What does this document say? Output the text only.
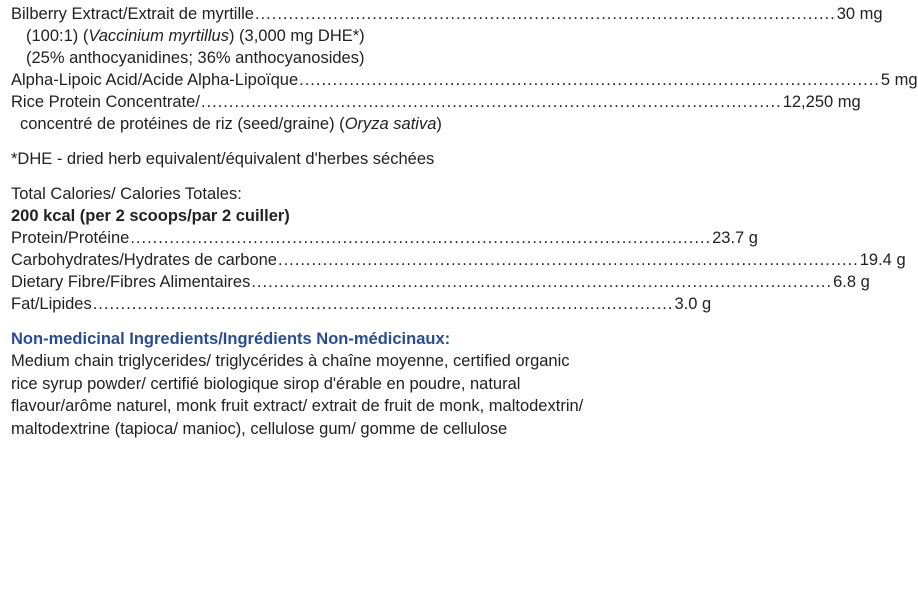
Bilberry Extract/Extrait de myrtille ........................................................................................................ 30 mg
(100:1) (Vaccinium myrtillus) (3,000 mg DHE*)
(25% anthocyanidines; 36% anthocyanosides)
Alpha-Lipoic Acid/Acide Alpha-Lipoïque ........................................................................................................ 5 mg
Rice Protein Concentrate/ ........................................................................................................ 12,250 mg
concentré de protéines de riz (seed/graine) (Oryza sativa)
*DHE - dried herb equivalent/équivalent d'herbes séchées
Total Calories/ Calories Totales:
200 kcal (per 2 scoops/par 2 cuiller)
Protein/Protéine ........................................................................................................ 23.7 g
Carbohydrates/Hydrates de carbone ........................................................................................................ 19.4 g
Dietary Fibre/Fibres Alimentaires ........................................................................................................ 6.8 g
Fat/Lipides ........................................................................................................ 3.0 g
Non-medicinal Ingredients/Ingrédients Non-médicinaux:
Medium chain triglycerides/ triglycérides à chaîne moyenne, certified organic rice syrup powder/ certifié biologique sirop d'érable en poudre, natural flavour/arôme naturel, monk fruit extract/ extrait de fruit de monk, maltodextrin/ maltodextrine (tapioca/ manioc), cellulose gum/ gomme de cellulose
